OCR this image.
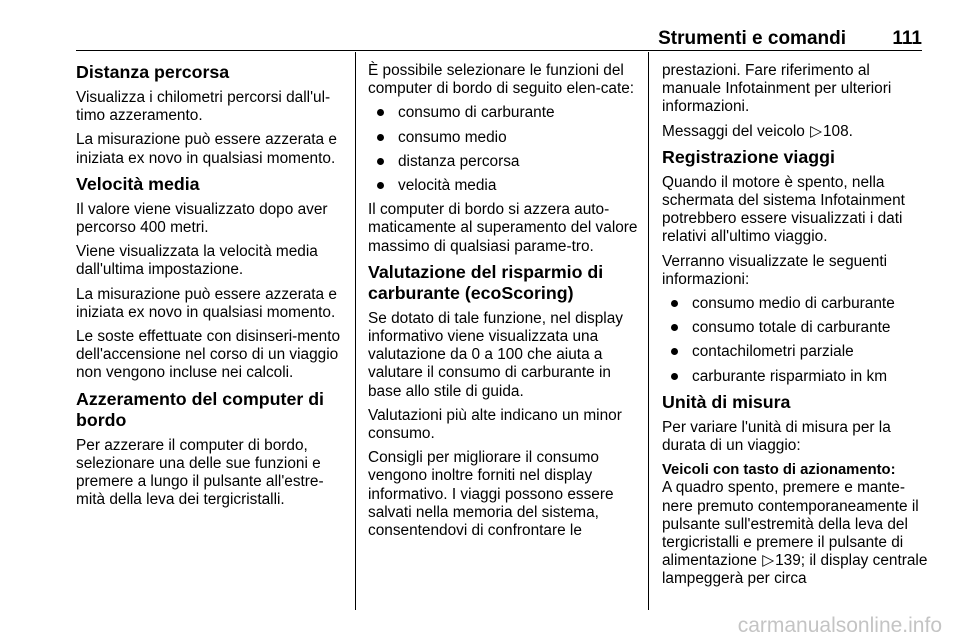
Strumenti e comandi 111
Distanza percorsa

Visualizza i chilometri percorsi dall'ul-timo azzeramento.

La misurazione può essere azzerata e iniziata ex novo in qualsiasi momento.

Velocità media

Il valore viene visualizzato dopo aver percorso 400 metri.

Viene visualizzata la velocità media dall'ultima impostazione.

La misurazione può essere azzerata e iniziata ex novo in qualsiasi momento.

Le soste effettuate con disinseri-mento dell'accensione nel corso di un viaggio non vengono incluse nei calcoli.

Azzeramento del computer di bordo

Per azzerare il computer di bordo, selezionare una delle sue funzioni e premere a lungo il pulsante all'estre-mità della leva dei tergicristalli.

È possibile selezionare le funzioni del computer di bordo di seguito elen-cate:

consumo di carburante
consumo medio
distanza percorsa
velocità media

Il computer di bordo si azzera auto-maticamente al superamento del valore massimo di qualsiasi parame-tro.

Valutazione del risparmio di carburante (ecoScoring)

Se dotato di tale funzione, nel display informativo viene visualizzata una valutazione da 0 a 100 che aiuta a valutare il consumo di carburante in base allo stile di guida.

Valutazioni più alte indicano un minor consumo.

Consigli per migliorare il consumo vengono inoltre forniti nel display informativo. I viaggi possono essere salvati nella memoria del sistema, consentendovi di confrontare le

prestazioni. Fare riferimento al manuale Infotainment per ulteriori informazioni.

Messaggi del veicolo ▷108.

Registrazione viaggi

Quando il motore è spento, nella schermata del sistema Infotainment potrebbero essere visualizzati i dati relativi all'ultimo viaggio.

Verranno visualizzate le seguenti informazioni:

consumo medio di carburante
consumo totale di carburante
contachilometri parziale
carburante risparmiato in km
Unità di misura

Per variare l'unità di misura per la durata di un viaggio:

Veicoli con tasto di azionamento:

A quadro spento, premere e mante-nere premuto contemporaneamente il pulsante sull'estremità della leva del tergicristalli e premere il pulsante di alimentazione ▷139; il display centrale lampeggerà per circa

carmanualsonline.info
